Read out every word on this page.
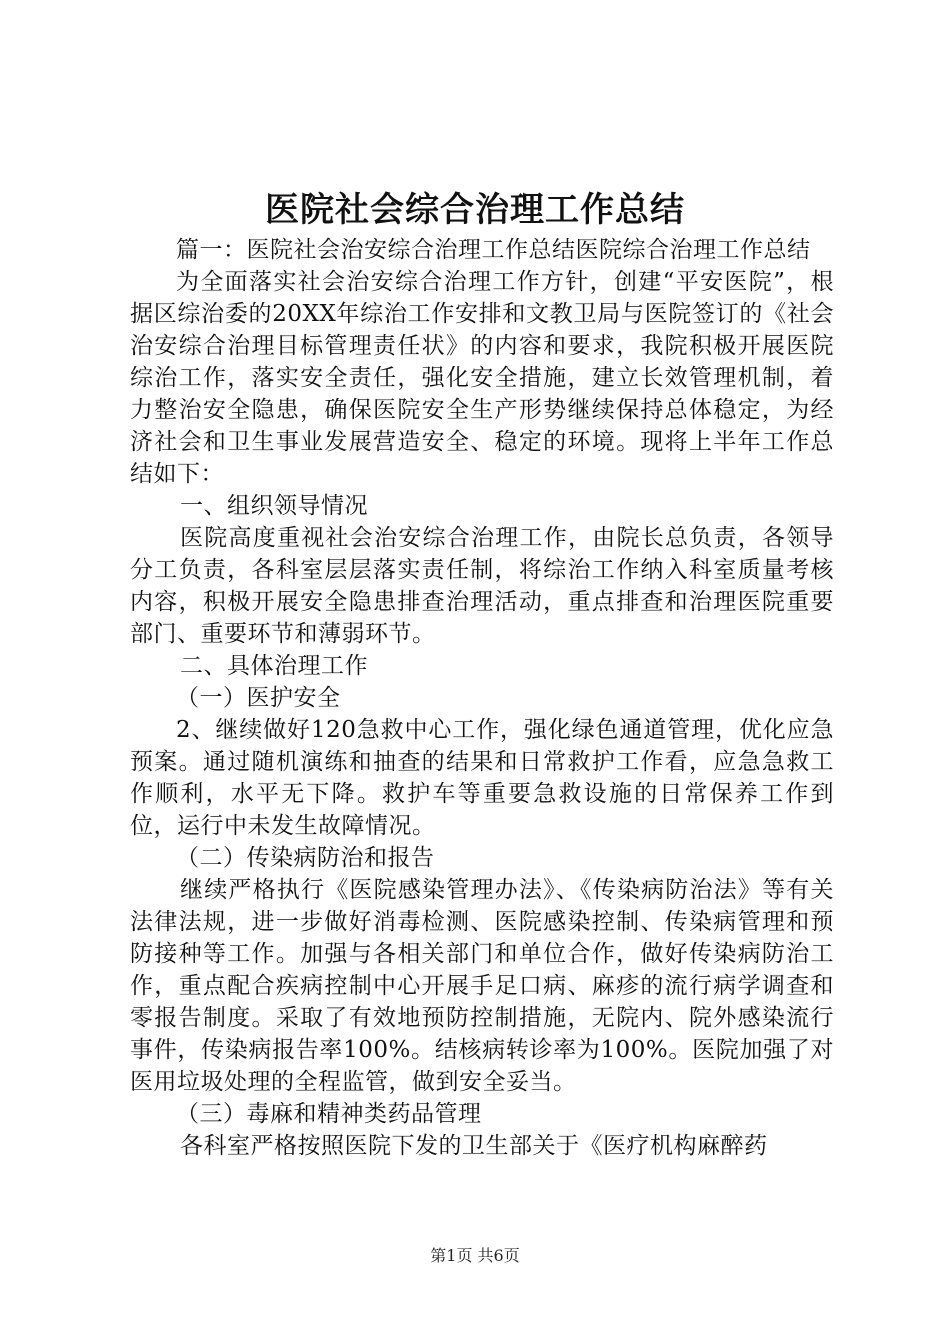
医院社会综合治理工作总结

篇一：医院社会治安综合治理工作总结医院综合治理工作总结

为全面落实社会治安综合治理工作方针，创建“平安医院”，根据区综治委的20XX年综治工作安排和文教卫局与医院签订的《社会治安综合治理目标管理责任状》的内容和要求，我院积极开展医院综治工作，落实安全责任，强化安全措施，建立长效管理机制，着力整治安全隐患，确保医院安全生产形势继续保持总体稳定，为经济社会和卫生事业发展营造安全、稳定的环境。现将上半年工作总结如下：

一、组织领导情况

医院高度重视社会治安综合治理工作，由院长总负责，各领导分工负责，各科室层层落实责任制，将综治工作纳入科室质量考核内容，积极开展安全隐患排查治理活动，重点排查和治理医院重要部门、重要环节和薄弱环节。

二、具体治理工作

（一）医护安全

2、继续做好120急救中心工作，强化绿色通道管理，优化应急预案。通过随机演练和抽查的结果和日常救护工作看，应急急救工作顺利，水平无下降。救护车等重要急救设施的日常保养工作到位，运行中未发生故障情况。

（二）传染病防治和报告

继续严格执行《医院感染管理办法》、《传染病防治法》等有关法律法规，进一步做好消毒检测、医院感染控制、传染病管理和预防接种等工作。加强与各相关部门和单位合作，做好传染病防治工作，重点配合疾病控制中心开展手足口病、麻疹的流行病学调查和零报告制度。采取了有效地预防控制措施，无院内、院外感染流行事件，传染病报告率100%。结核病转诊率为100%。医院加强了对医用垃圾处理的全程监管，做到安全妥当。

（三）毒麻和精神类药品管理

各科室严格按照医院下发的卫生部关于《医疗机构麻醉药

第1页 共6页
